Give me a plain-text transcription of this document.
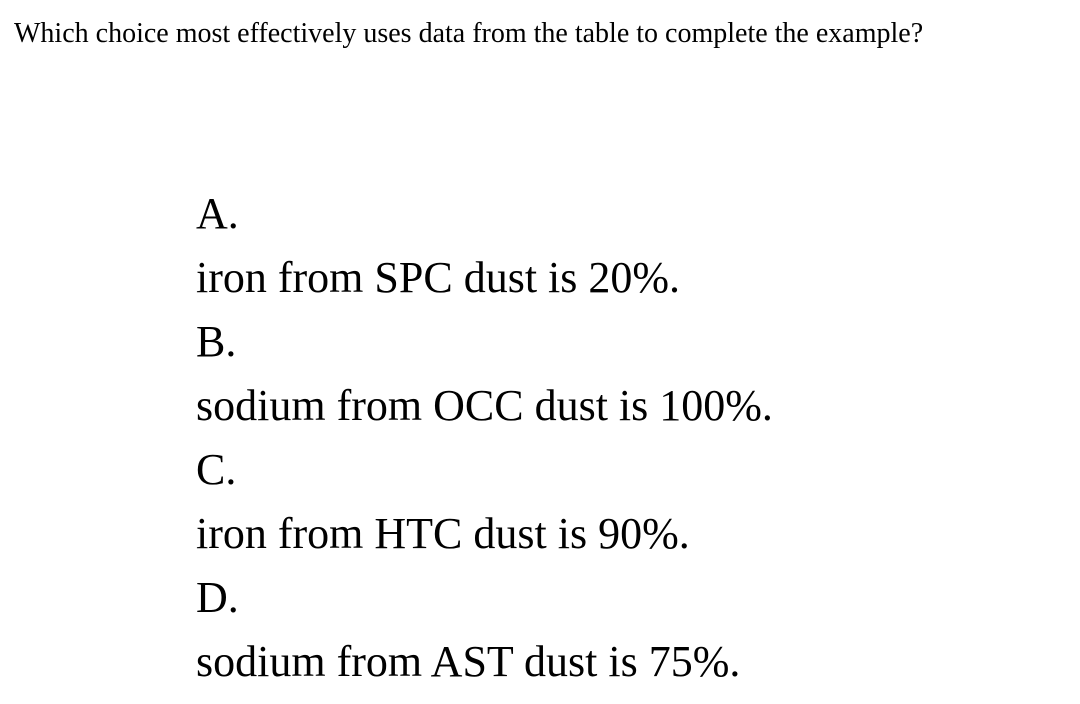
Which choice most effectively uses data from the table to complete the example?
A.
iron from SPC dust is 20%.
B.
sodium from OCC dust is 100%.
C.
iron from HTC dust is 90%.
D.
sodium from AST dust is 75%.
